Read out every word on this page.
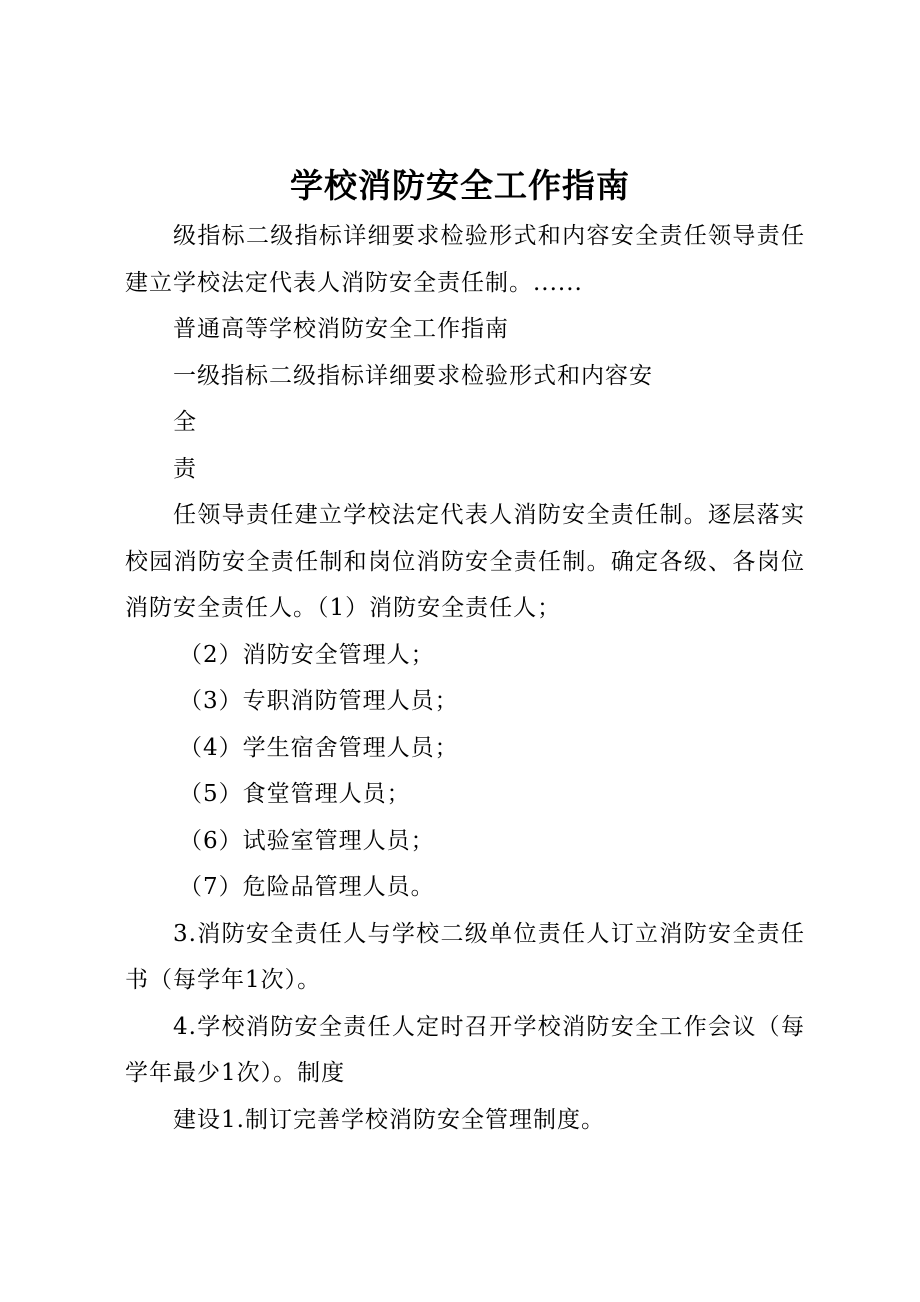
学校消防安全工作指南

级指标二级指标详细要求检验形式和内容安全责任领导责任建立学校法定代表人消防安全责任制。......

普通高等学校消防安全工作指南

一级指标二级指标详细要求检验形式和内容安

全

责

任领导责任建立学校法定代表人消防安全责任制。逐层落实校园消防安全责任制和岗位消防安全责任制。确定各级、各岗位消防安全责任人。（1）消防安全责任人；

（2）消防安全管理人；

（3）专职消防管理人员；

（4）学生宿舍管理人员；

（5）食堂管理人员；

（6）试验室管理人员；

（7）危险品管理人员。

3.消防安全责任人与学校二级单位责任人订立消防安全责任书（每学年1次）。

4.学校消防安全责任人定时召开学校消防安全工作会议（每学年最少1次）。制度

建设1.制订完善学校消防安全管理制度。
